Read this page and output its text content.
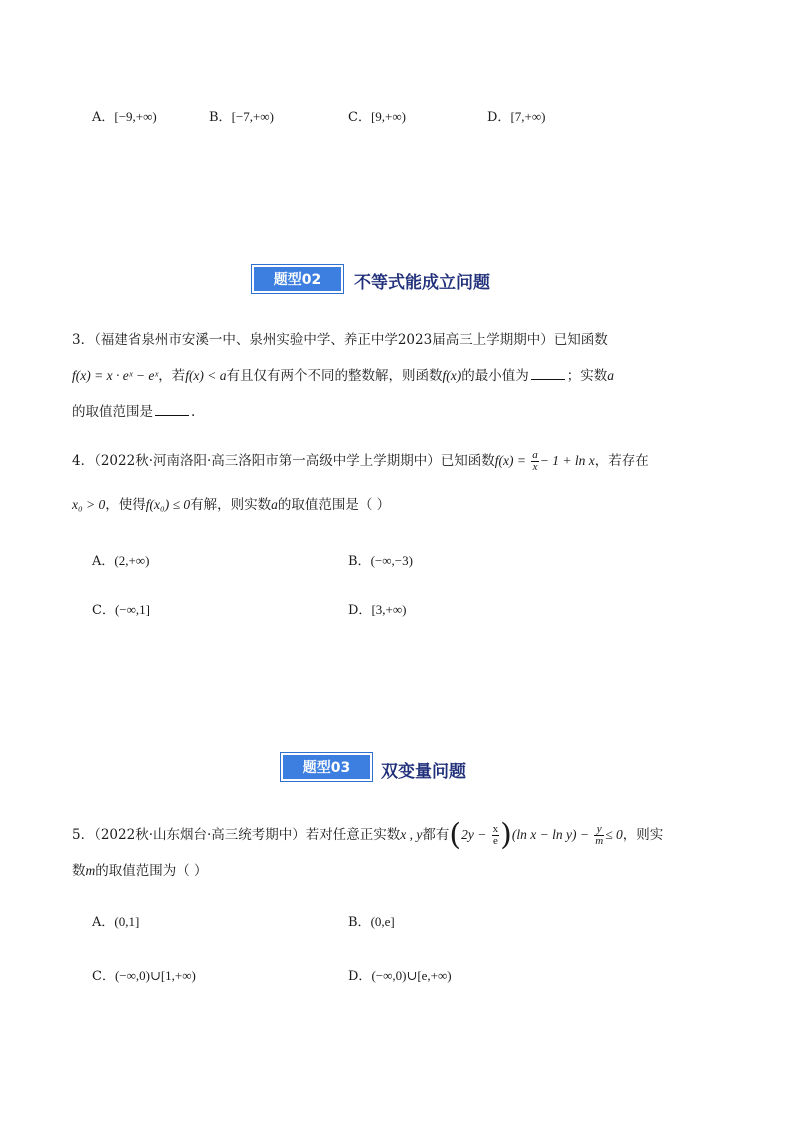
A．[−9,+∞)	B．[−7,+∞)	C．[9,+∞)	D．[7,+∞)
题型02	不等式能成立问题
3．（福建省泉州市安溪一中、泉州实验中学、养正中学2023届高三上学期期中）已知函数
f(x) = x · eˣ − eˣ，若f(x) < a有且仅有两个不同的整数解，则函数f(x)的最小值为	；实数a
的取值范围是	.
4．（2022秋·河南洛阳·高三洛阳市第一高级中学上学期期中）已知函数$f(x) = \frac{a}{x} - 1 + \ln x$，若存在
x₀ > 0，使得f(x₀) ≤ 0有解，则实数a的取值范围是（ ）
A．(2,+∞)	B．(−∞,−3)
C．(−∞,1]	D．[3,+∞)
题型03	双变量问题
5．（2022秋·山东烟台·高三统考期中）若对任意正实数x , y都有$(2y - \frac{x}{e} )(\ln$ $x - \ln y) - \frac{y}{m} \le 0$，则实
数m的取值范围为（ ）
A．(0,1]	B．(0,e]
C．(−∞,0)∪[1,+∞)	D．(−∞,0)∪[e,+∞)
